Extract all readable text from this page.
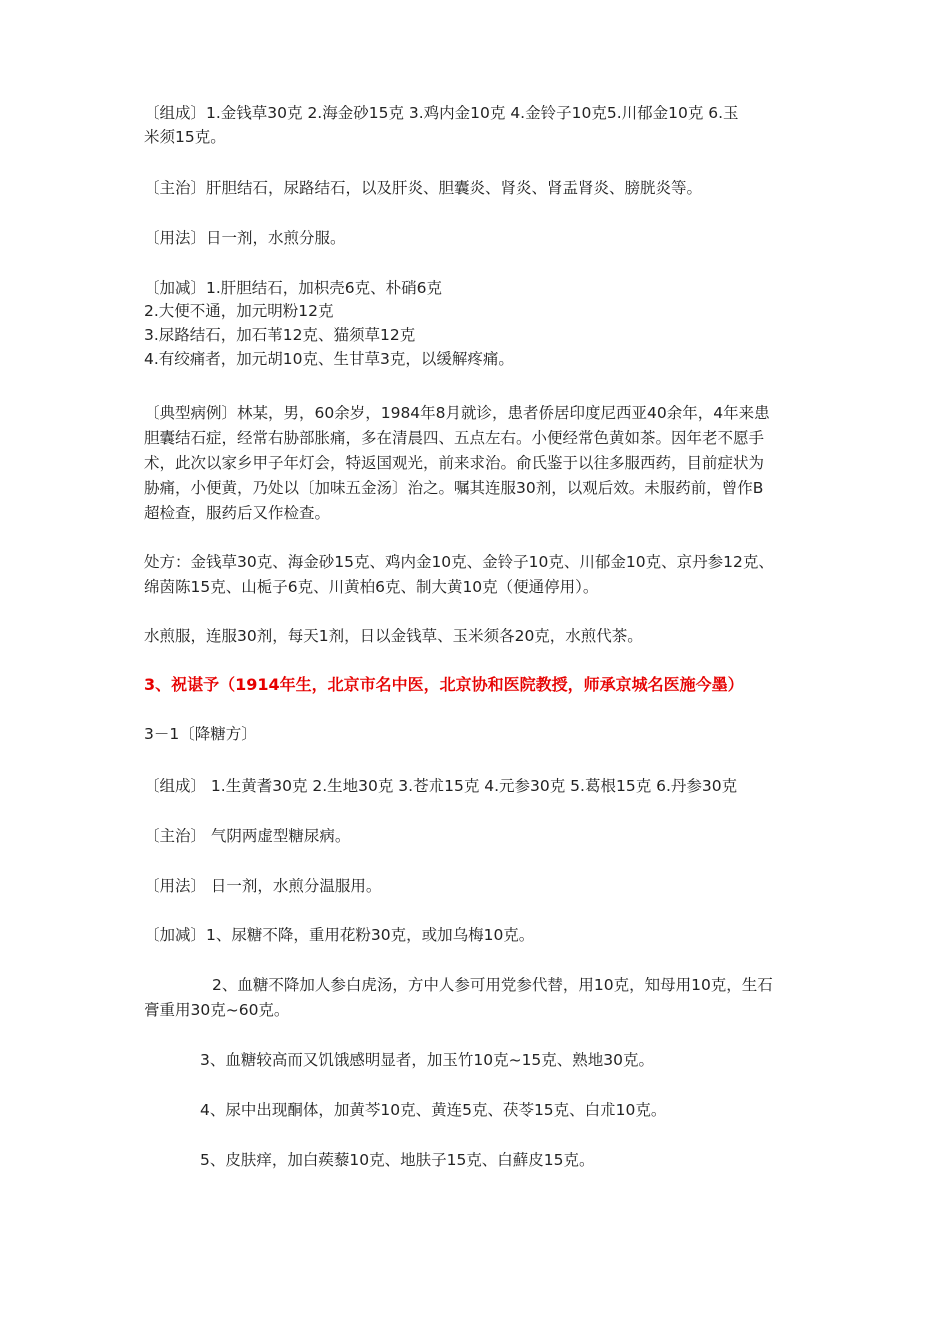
〔组成〕1.金钱草30克 2.海金砂15克 3.鸡内金10克 4.金铃子10克5.川郁金10克 6.玉
米须15克。
〔主治〕肝胆结石，尿路结石，以及肝炎、胆囊炎、肾炎、肾盂肾炎、膀胱炎等。
〔用法〕日一剂，水煎分服。
〔加减〕1.肝胆结石，加枳壳6克、朴硝6克
2.大便不通，加元明粉12克
3.尿路结石，加石苇12克、猫须草12克
4.有绞痛者，加元胡10克、生甘草3克，以缓解疼痛。
〔典型病例〕林某，男，60余岁，1984年8月就诊，患者侨居印度尼西亚40余年，4年来患
胆囊结石症，经常右胁部胀痛，多在清晨四、五点左右。小便经常色黄如茶。因年老不愿手
术，此次以家乡甲子年灯会，特返国观光，前来求治。俞氏鉴于以往多服西药，目前症状为
胁痛，小便黄，乃处以〔加味五金汤〕治之。嘱其连服30剂，以观后效。未服药前，曾作B
超检查，服药后又作检查。
处方：金钱草30克、海金砂15克、鸡内金10克、金铃子10克、川郁金10克、京丹参12克、
绵茵陈15克、山栀子6克、川黄柏6克、制大黄10克（便通停用）。
水煎服，连服30剂，每天1剂，日以金钱草、玉米须各20克，水煎代茶。
3、祝谌予（1914年生，北京市名中医，北京协和医院教授，师承京城名医施今墨）
3－1〔降糖方〕
〔组成〕 1.生黄耆30克 2.生地30克 3.苍朮15克 4.元参30克 5.葛根15克 6.丹参30克
〔主治〕 气阴两虚型糖尿病。
〔用法〕 日一剂，水煎分温服用。
〔加减〕1、尿糖不降，重用花粉30克，或加乌梅10克。
2、血糖不降加人参白虎汤，方中人参可用党参代替，用10克，知母用10克，生石
膏重用30克~60克。
3、血糖较高而又饥饿感明显者，加玉竹10克~15克、熟地30克。
4、尿中出现酮体，加黄芩10克、黄连5克、茯苓15克、白朮10克。
5、皮肤痒，加白蒺藜10克、地肤子15克、白蘚皮15克。
